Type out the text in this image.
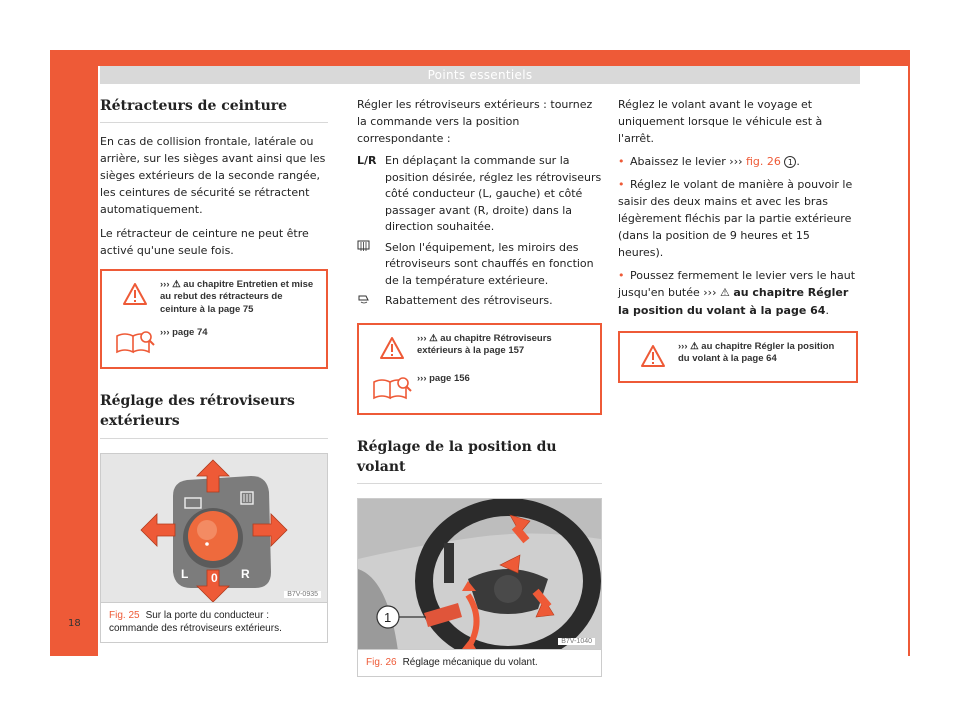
Points essentiels
Rétracteurs de ceinture

En cas de collision frontale, latérale ou arrière, sur les sièges avant ainsi que les sièges extérieurs de la seconde rangée, les ceintures de sécurité se rétractent automatiquement.

Le rétracteur de ceinture ne peut être activé qu'une seule fois.

››› ⚠ au chapitre Entretien et mise au rebut des rétracteurs de ceinture à la page 75
››› page 74
Réglage des rétroviseurs extérieurs
L 0 R
B7V-0935
Fig. 25 Sur la porte du conducteur : commande des rétroviseurs extérieurs.

Régler les rétroviseurs extérieurs : tournez la commande vers la position correspondante :

L/R En déplaçant la commande sur la position désirée, réglez les rétroviseurs côté conducteur (L, gauche) et côté passager avant (R, droite) dans la direction souhaitée.
Selon l'équipement, les miroirs des rétroviseurs sont chauffés en fonction de la température extérieure.
Rabattement des rétroviseurs.
››› ⚠ au chapitre Rétroviseurs extérieurs à la page 157
››› page 156
Réglage de la position du volant
1
B7V-1040
Fig. 26 Réglage mécanique du volant.

Réglez le volant avant le voyage et uniquement lorsque le véhicule est à l'arrêt.

• Abaissez le levier ››› fig. 26 1 .

• Réglez le volant de manière à pouvoir le saisir des deux mains et avec les bras légèrement fléchis par la partie extérieure (dans la position de 9 heures et 15 heures).

• Poussez fermement le levier vers le haut jusqu'en butée ››› ⚠ au chapitre Régler la position du volant à la page 64.

››› ⚠ au chapitre Régler la position du volant à la page 64
18
